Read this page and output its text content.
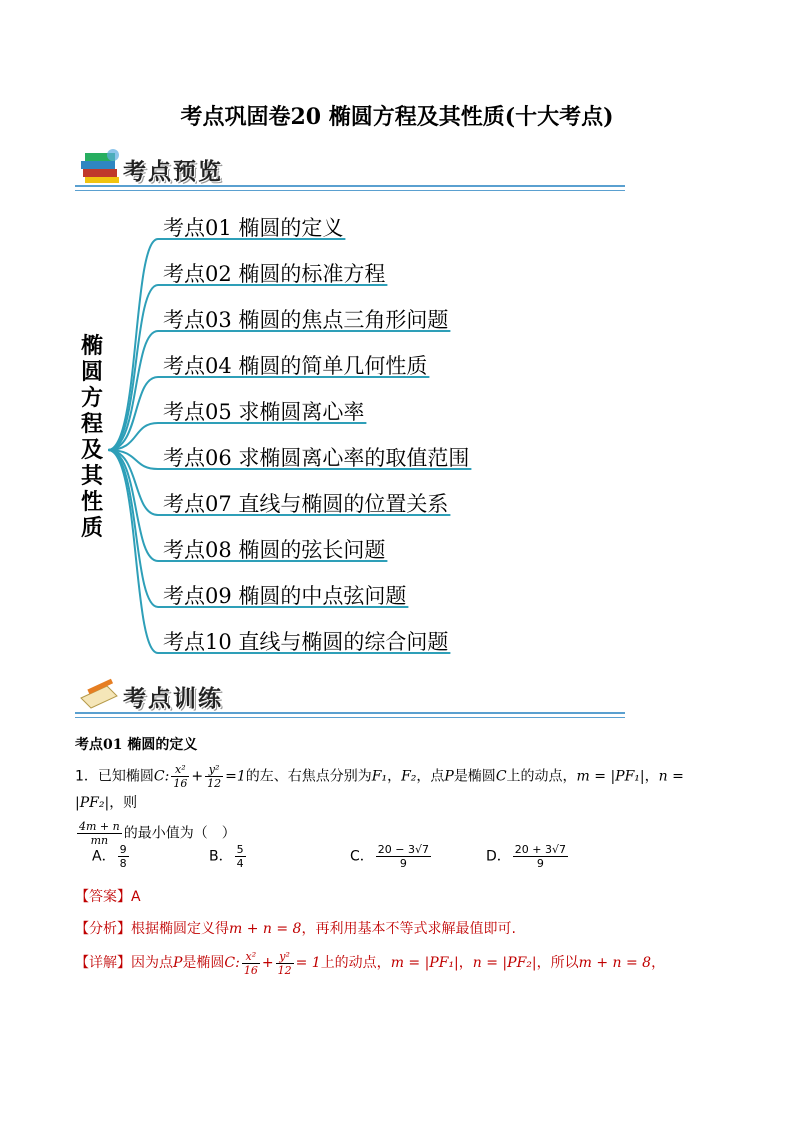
考点巩固卷20 椭圆方程及其性质(十大考点)
考点预览
椭
圆
方
程
及
其
性
质
考点01 椭圆的定义
考点02 椭圆的标准方程
考点03 椭圆的焦点三角形问题
考点04 椭圆的简单几何性质
考点05 求椭圆离心率
考点06 求椭圆离心率的取值范围
考点07 直线与椭圆的位置关系
考点08 椭圆的弦长问题
考点09 椭圆的中点弦问题
考点10 直线与椭圆的综合问题
考点训练
考点01 椭圆的定义
1．已知椭圆C: $\frac{\text{x²}}{16} + \frac{\text{y²}}{12} =1$的左、右焦点分别为F₁，F₂，点P是椭圆C上的动点，m = |PF₁|，n = |PF₂|，则
$\frac{4m + n}{mn}$ 的最小值为（　）
A． $\frac{9}{8}$	B． $\frac{5}{4}$	C． $\frac{20 - 3√7}{9}$	D． $\frac{20 + 3√7}{9}$
【答案】A
【分析】根据椭圆定义得m + n = 8，再利用基本不等式求解最值即可.
【详解】因为点P是椭圆C: $\frac{\text{x²}}{16} + \frac{\text{y²}}{12} = 1$上的动点，m = |PF₁|，n = |PF₂|，所以m + n = 8，
